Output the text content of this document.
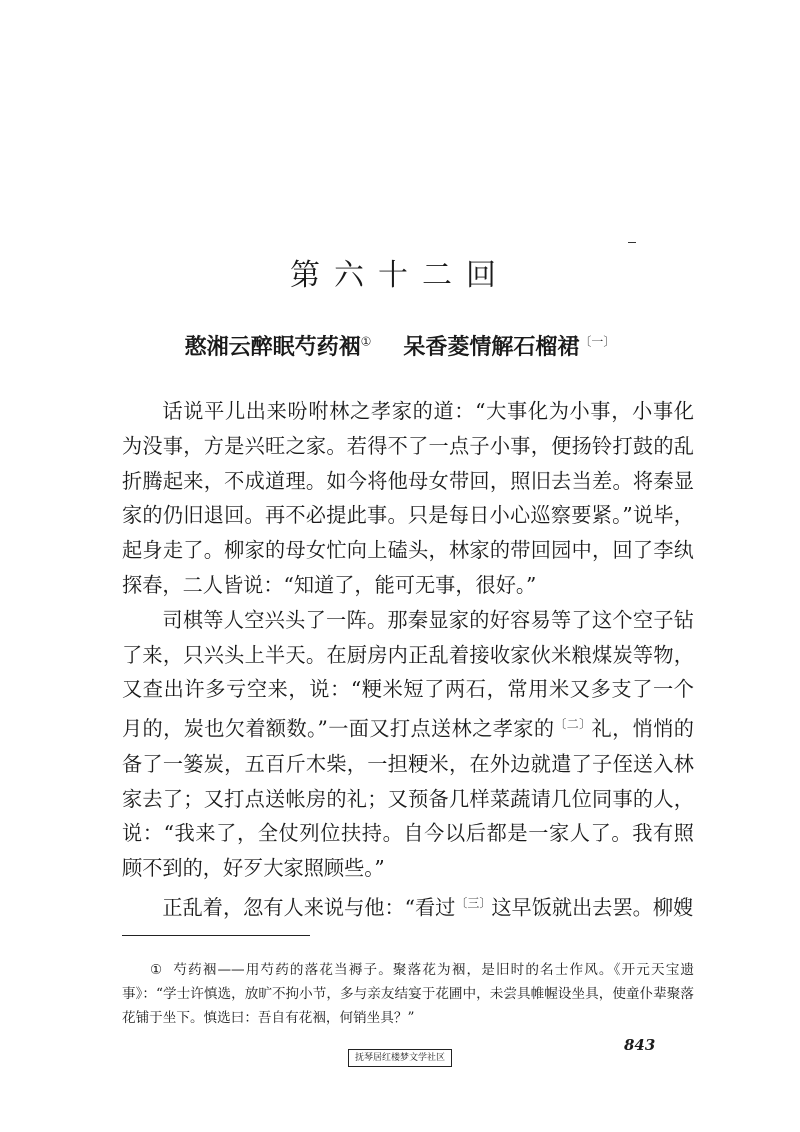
第六十二回
憨湘云醉眠芍药裀① 呆香菱情解石榴裙$^{〔一〕}$

话说平儿出来吩咐林之孝家的道：“大事化为小事，小事化为没事，方是兴旺之家。若得不了一点子小事，便扬铃打鼓的乱折腾起来，不成道理。如今将他母女带回，照旧去当差。将秦显家的仍旧退回。再不必提此事。只是每日小心巡察要紧。”说毕，起身走了。柳家的母女忙向上磕头，林家的带回园中，回了李纨探春，二人皆说：“知道了，能可无事，很好。”

司棋等人空兴头了一阵。那秦显家的好容易等了这个空子钻了来，只兴头上半天。在厨房内正乱着接收家伙米粮煤炭等物，又查出许多亏空来，说：“粳米短了两石，常用米又多支了一个月的，炭也欠着额数。”一面又打点送林之孝家的$^{〔二〕}$礼，悄悄的备了一篓炭，五百斤木柴，一担粳米，在外边就遣了子侄送入林家去了；又打点送帐房的礼；又预备几样菜蔬请几位同事的人，说：“我来了，全仗列位扶持。自今以后都是一家人了。我有照顾不到的，好歹大家照顾些。”

正乱着，忽有人来说与他：“看过$^{〔三〕}$这早饭就出去罢。柳嫂

① 芍药裀——用芍药的落花当褥子。聚落花为裀，是旧时的名士作风。《开元天宝遗事》：“学士许慎选，放旷不拘小节，多与亲友结宴于花圃中，未尝具帷幄设坐具，使童仆辈聚落花铺于坐下。慎选曰：吾自有花裀，何销坐具？”
843
抚琴居红楼梦文学社区
